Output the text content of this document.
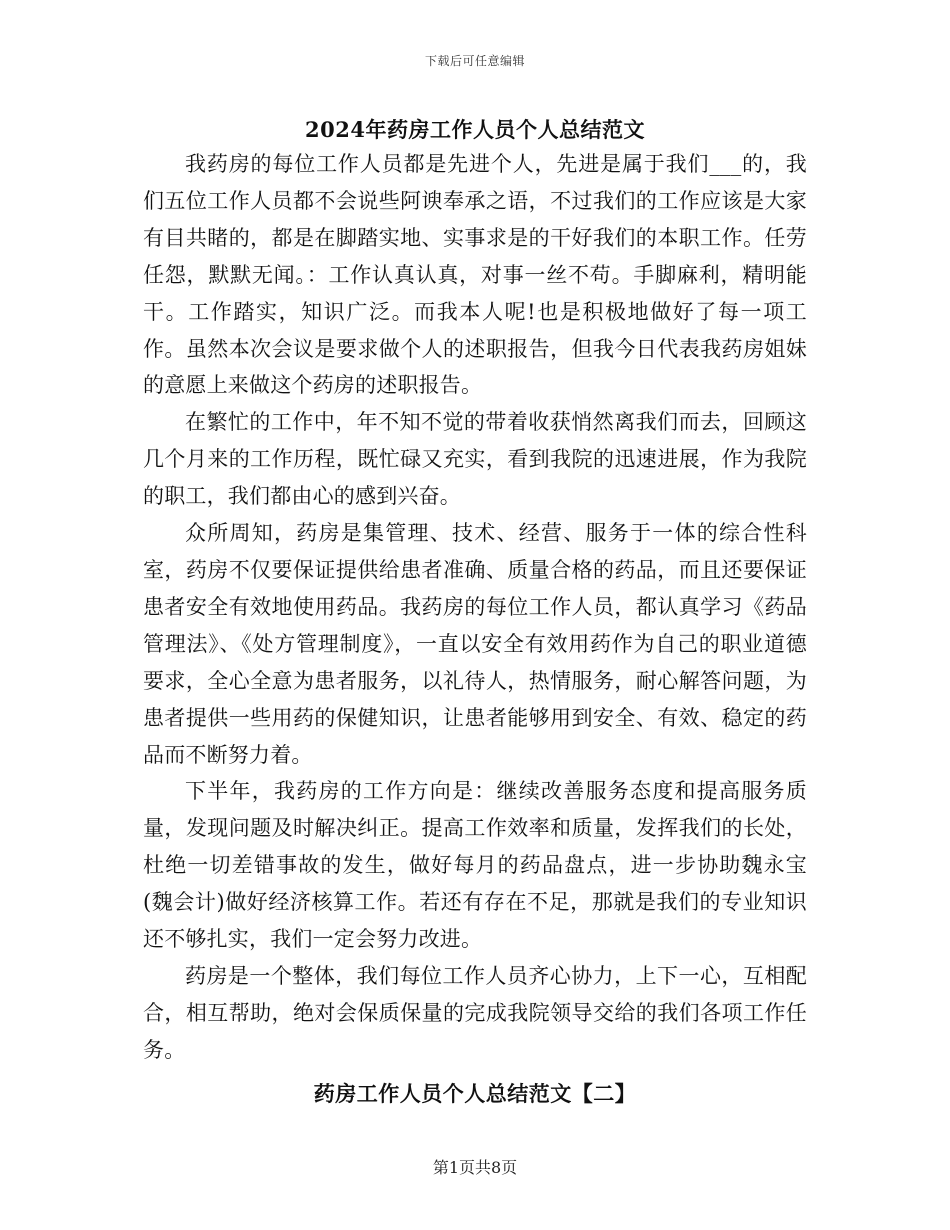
下载后可任意编辑
2024年药房工作人员个人总结范文

我药房的每位工作人员都是先进个人，先进是属于我们___的，我们五位工作人员都不会说些阿谀奉承之语，不过我们的工作应该是大家有目共睹的，都是在脚踏实地、实事求是的干好我们的本职工作。任劳任怨，默默无闻。：工作认真认真，对事一丝不苟。手脚麻利，精明能干。工作踏实，知识广泛。而我本人呢!也是积极地做好了每一项工作。虽然本次会议是要求做个人的述职报告，但我今日代表我药房姐妹的意愿上来做这个药房的述职报告。

在繁忙的工作中，年不知不觉的带着收获悄然离我们而去，回顾这几个月来的工作历程，既忙碌又充实，看到我院的迅速进展，作为我院的职工，我们都由心的感到兴奋。

众所周知，药房是集管理、技术、经营、服务于一体的综合性科室，药房不仅要保证提供给患者准确、质量合格的药品，而且还要保证患者安全有效地使用药品。我药房的每位工作人员，都认真学习《药品管理法》、《处方管理制度》，一直以安全有效用药作为自己的职业道德要求，全心全意为患者服务，以礼待人，热情服务，耐心解答问题，为患者提供一些用药的保健知识，让患者能够用到安全、有效、稳定的药品而不断努力着。

下半年，我药房的工作方向是：继续改善服务态度和提高服务质量，发现问题及时解决纠正。提高工作效率和质量，发挥我们的长处，杜绝一切差错事故的发生，做好每月的药品盘点，进一步协助魏永宝(魏会计)做好经济核算工作。若还有存在不足，那就是我们的专业知识还不够扎实，我们一定会努力改进。

药房是一个整体，我们每位工作人员齐心协力，上下一心，互相配合，相互帮助，绝对会保质保量的完成我院领导交给的我们各项工作任务。

药房工作人员个人总结范文【二】
第1页共8页
